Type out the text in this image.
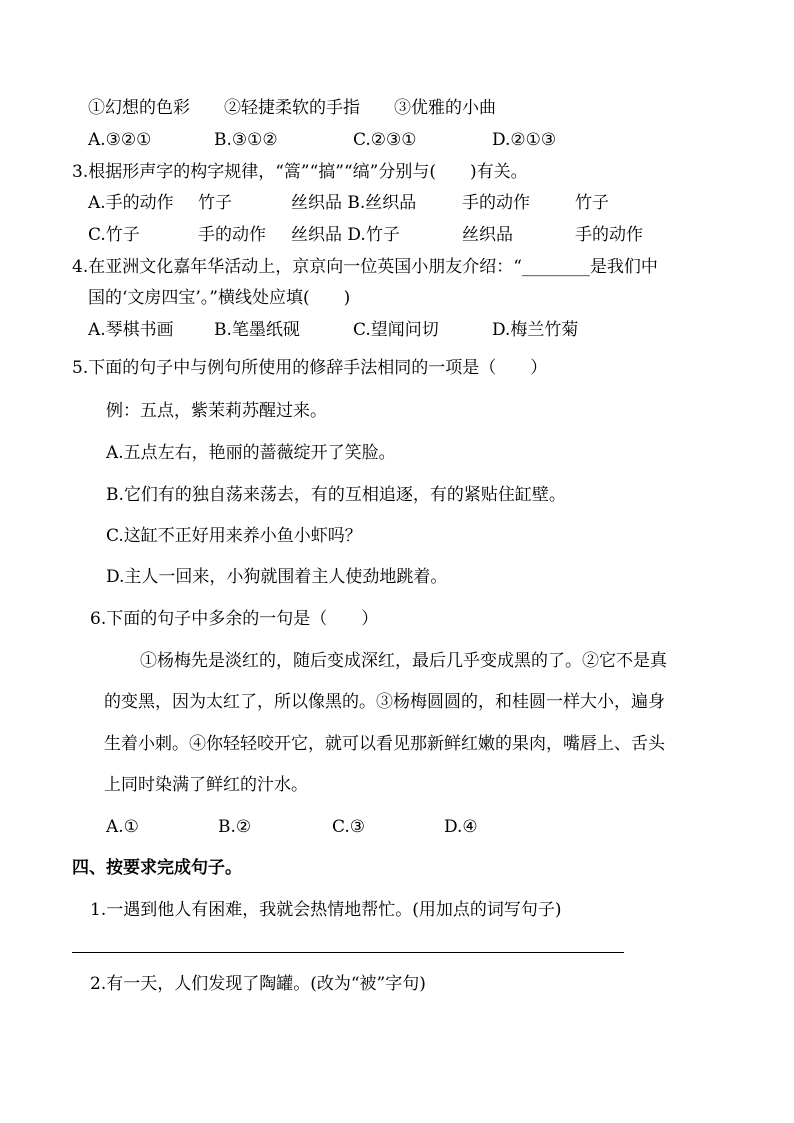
①幻想的色彩　　②轻捷柔软的手指　　③优雅的小曲
A.③②①	B.③①②	C.②③①	D.②①③
3.根据形声字的构字规律，“篙”“搞”“缟”分别与(　　)有关。
A.手的动作 竹子	丝织品 B.丝织品	手的动作	竹子
C.竹子	手的动作 丝织品 D.竹子	丝织品	手的动作
4.在亚洲文化嘉年华活动上，京京向一位英国小朋友介绍：“________是我们中
国的‘文房四宝’。”横线处应填(　　)
A.琴棋书画 B.笔墨纸砚	C.望闻问切	D.梅兰竹菊
5.下面的句子中与例句所使用的修辞手法相同的一项是（　　）
例：五点，紫茉莉苏醒过来。
A.五点左右，艳丽的蔷薇绽开了笑脸。
B.它们有的独自荡来荡去，有的互相追逐，有的紧贴住缸壁。
C.这缸不正好用来养小鱼小虾吗？
D.主人一回来，小狗就围着主人使劲地跳着。
6.下面的句子中多余的一句是（　　）
①杨梅先是淡红的，随后变成深红，最后几乎变成黑的了。②它不是真
的变黑，因为太红了，所以像黑的。③杨梅圆圆的，和桂圆一样大小，遍身
生着小刺。④你轻轻咬开它，就可以看见那新鲜红嫩的果肉，嘴唇上、舌头
上同时染满了鲜红的汁水。
A.①	B.②	C.③	D.④
四、按要求完成句子。
1.一遇到他人有困难，我就会热情地帮忙。(用加点的词写句子)
2.有一天，人们发现了陶罐。(改为“被”字句)
